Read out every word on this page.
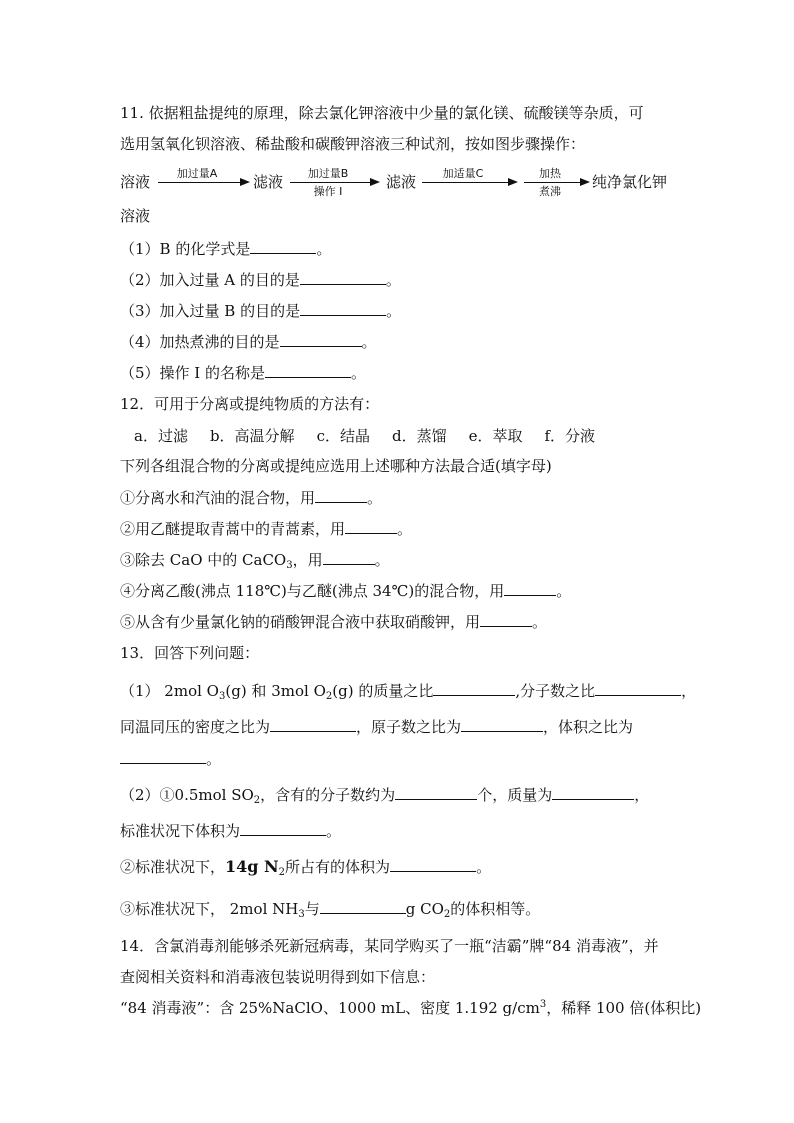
11. 依据粗盐提纯的原理，除去氯化钾溶液中少量的氯化镁、硫酸镁等杂质，可
选用氢氧化钡溶液、稀盐酸和碳酸钾溶液三种试剂，按如图步骤操作：
溶液	加过量A	滤液	加过量B
操作 I
滤液	加适量C	加热
煮沸
纯净氯化钾
溶液
（1）B 的化学式是	。
（2）加入过量 A 的目的是	。
（3）加入过量 B 的目的是	。
（4）加热煮沸的目的是	。
（5）操作 I 的名称是	。
12．可用于分离或提纯物质的方法有：
a．过滤 b．高温分解 c．结晶 d．蒸馏 e．萃取 f．分液
下列各组混合物的分离或提纯应选用上述哪种方法最合适(填字母)
①分离水和汽油的混合物，用	。
②用乙醚提取青蒿中的青蒿素，用	。
③除去 CaO 中的 CaCO$_3$，用	。
④分离乙酸(沸点 118℃)与乙醚(沸点 34℃)的混合物，用	。
⑤从含有少量氯化钠的硝酸钾混合液中获取硝酸钾，用	。
13．回答下列问题：
（1） 2mol $O_3(g)$ 和 3mol $O_2(g)$ 的质量之比	,分子数之比	，
同温同压的密度之比为	，原子数之比为	，体积之比为
。
（2）①0.5mol $SO_2$，含有的分子数约为	个，质量为	，
标准状况下体积为	。
②标准状况下，14g $N_2$所占有的体积为	。
③标准状况下， 2mol $NH_3$与	g $CO_2$的体积相等。
14．含氯消毒剂能够杀死新冠病毒，某同学购买了一瓶“洁霸”牌“84 消毒液”，并
查阅相关资料和消毒液包装说明得到如下信息：
“84 消毒液”：含 25%NaClO、1000 mL、密度 1.192 $g/cm^3$，稀释 100 倍(体积比)
